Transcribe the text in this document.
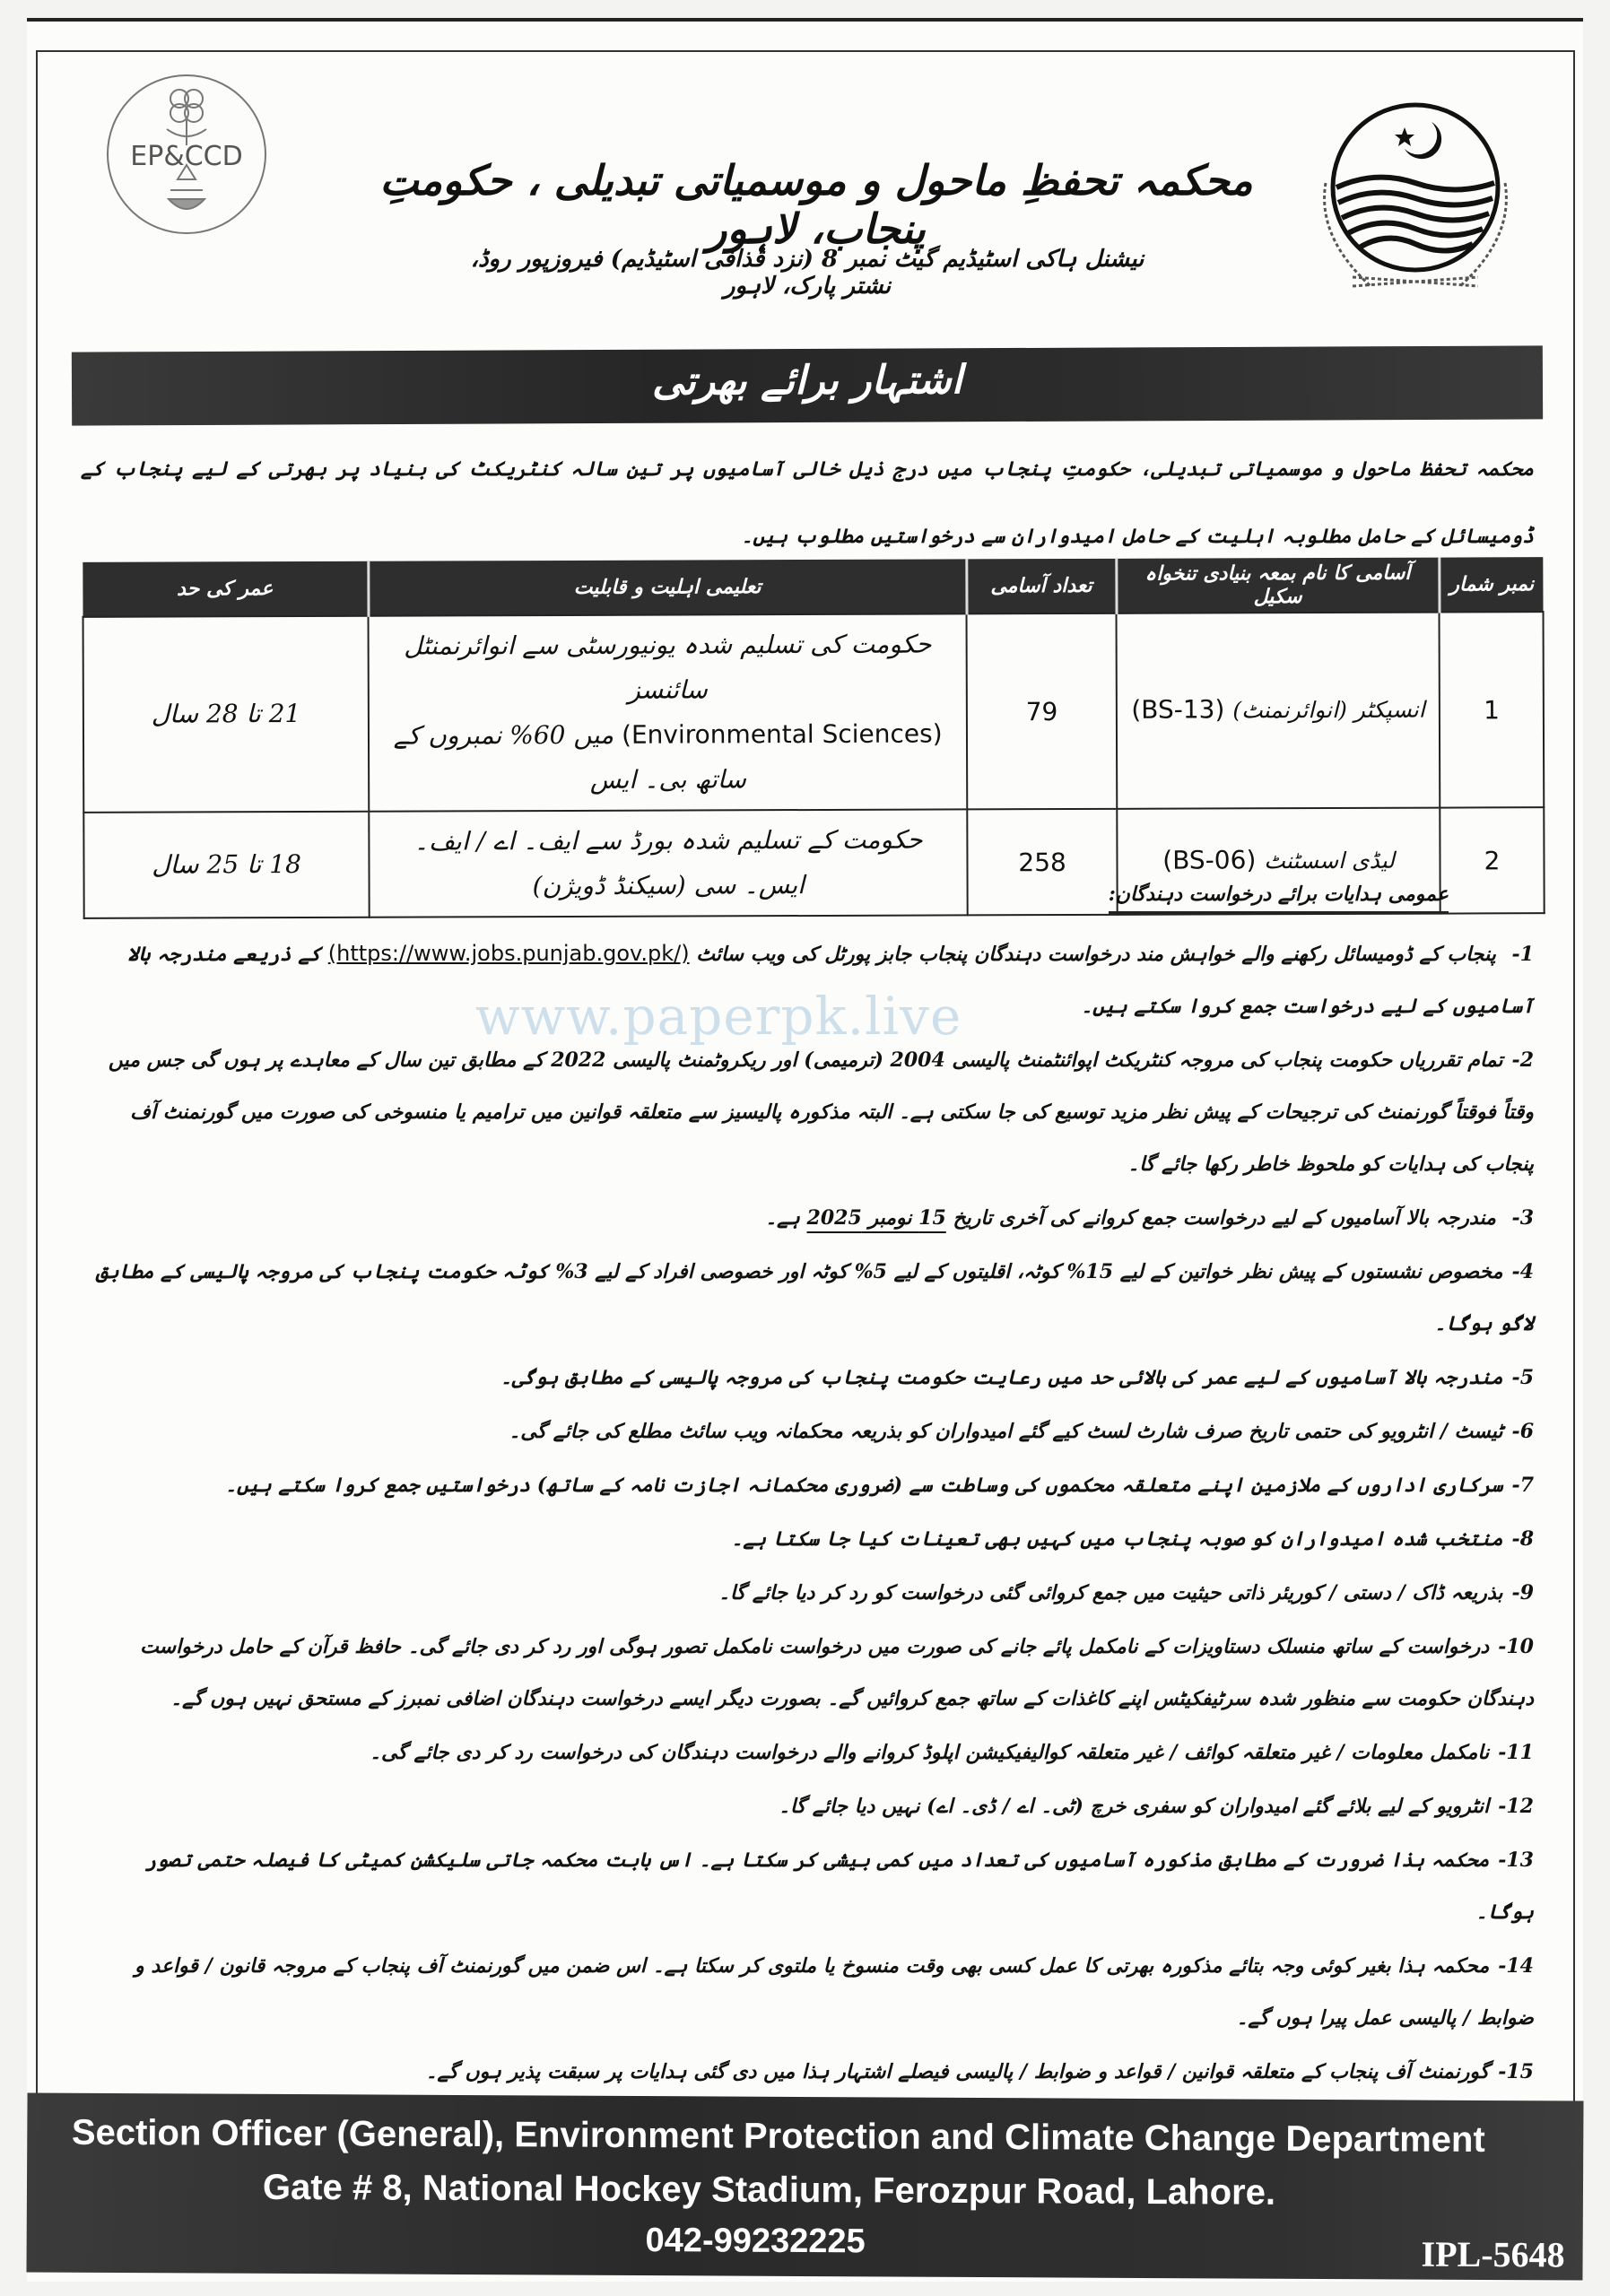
EP&CCD	محکمہ تحفظِ ماحول و موسمیاتی تبدیلی ، حکومتِ پنجاب، لاہور
نیشنل ہاکی اسٹیڈیم گیٹ نمبر 8 (نزد قذافی اسٹیڈیم) فیروزپور روڈ، نشتر پارک، لاہور
اشتہار برائے بھرتی
محکمہ تحفظ ماحول و موسمیاتی تبدیلی، حکومتِ پنجاب میں درج ذیل خالی آسامیوں پر تین سالہ کنٹریکٹ کی بنیاد پر بھرتی کے لیے پنجاب کے ڈومیسائل کے حامل مطلوبہ اہلیت کے حامل امیدواران سے درخواستیں مطلوب ہیں۔
نمبر شمار	آسامی کا نام بمعہ بنیادی تنخواہ سکیل	تعداد آسامی	تعلیمی اہلیت و قابلیت	عمر کی حد
1	انسپکٹر (انوائرنمنٹ) (BS-13)	79	حکومت کی تسلیم شدہ یونیورسٹی سے انوائرنمنٹل سائنسز
(Environmental Sciences) میں 60% نمبروں کے ساتھ بی۔ ایس	21 تا 28 سال
2	لیڈی اسسٹنٹ (BS-06)	258	حکومت کے تسلیم شدہ بورڈ سے ایف۔ اے / ایف۔ ایس۔ سی (سیکنڈ ڈویژن)	18 تا 25 سال
عمومی ہدایات برائے درخواست دہندگان:
1- پنجاب کے ڈومیسائل رکھنے والے خواہش مند درخواست دہندگان پنجاب جابز پورٹل کی ویب سائٹ (https://www.jobs.punjab.gov.pk/) کے ذریعے مندرجہ بالا آسامیوں کے لیے درخواست جمع کروا سکتے ہیں۔
2-تمام تقرریاں حکومت پنجاب کی مروجہ کنٹریکٹ اپوائنٹمنٹ پالیسی 2004 (ترمیمی) اور ریکروٹمنٹ پالیسی 2022 کے مطابق تین سال کے معاہدے پر ہوں گی جس میں وقتاً فوقتاً گورنمنٹ کی ترجیحات کے پیش نظر مزید توسیع کی جا سکتی ہے۔ البتہ مذکورہ پالیسیز سے متعلقہ قوانین میں ترامیم یا منسوخی کی صورت میں گورنمنٹ آف پنجاب کی ہدایات کو ملحوظ خاطر رکھا جائے گا۔
3- مندرجہ بالا آسامیوں کے لیے درخواست جمع کروانے کی آخری تاریخ 15 نومبر 2025 ہے۔
4-مخصوص نشستوں کے پیش نظر خواتین کے لیے 15% کوٹہ، اقلیتوں کے لیے 5% کوٹہ اور خصوصی افراد کے لیے 3% کوٹہ حکومت پنجاب کی مروجہ پالیسی کے مطابق لاگو ہوگا۔
5-مندرجہ بالا آسامیوں کے لیے عمر کی بالائی حد میں رعایت حکومت پنجاب کی مروجہ پالیسی کے مطابق ہوگی۔
6-ٹیسٹ / انٹرویو کی حتمی تاریخ صرف شارٹ لسٹ کیے گئے امیدواران کو بذریعہ محکمانہ ویب سائٹ مطلع کی جائے گی۔
7-سرکاری اداروں کے ملازمین اپنے متعلقہ محکموں کی وساطت سے (ضروری محکمانہ اجازت نامہ کے ساتھ) درخواستیں جمع کروا سکتے ہیں۔
8-منتخب شدہ امیدواران کو صوبہ پنجاب میں کہیں بھی تعینات کیا جا سکتا ہے۔
9-بذریعہ ڈاک / دستی / کوریئر ذاتی حیثیت میں جمع کروائی گئی درخواست کو رد کر دیا جائے گا۔
10-درخواست کے ساتھ منسلک دستاویزات کے نامکمل پائے جانے کی صورت میں درخواست نامکمل تصور ہوگی اور رد کر دی جائے گی۔ حافظ قرآن کے حامل درخواست دہندگان حکومت سے منظور شدہ سرٹیفکیٹس اپنے کاغذات کے ساتھ جمع کروائیں گے۔ بصورت دیگر ایسے درخواست دہندگان اضافی نمبرز کے مستحق نہیں ہوں گے۔
11-نامکمل معلومات / غیر متعلقہ کوائف / غیر متعلقہ کوالیفیکیشن اپلوڈ کروانے والے درخواست دہندگان کی درخواست رد کر دی جائے گی۔
12-انٹرویو کے لیے بلائے گئے امیدواران کو سفری خرچ (ٹی۔ اے / ڈی۔ اے) نہیں دیا جائے گا۔
13-محکمہ ہذا ضرورت کے مطابق مذکورہ آسامیوں کی تعداد میں کمی بیشی کر سکتا ہے۔ اس بابت محکمہ جاتی سلیکشن کمیٹی کا فیصلہ حتمی تصور ہوگا۔
14-محکمہ ہذا بغیر کوئی وجہ بتائے مذکورہ بھرتی کا عمل کسی بھی وقت منسوخ یا ملتوی کر سکتا ہے۔ اس ضمن میں گورنمنٹ آف پنجاب کے مروجہ قانون / قواعد و ضوابط / پالیسی عمل پیرا ہوں گے۔
15-گورنمنٹ آف پنجاب کے متعلقہ قوانین / قواعد و ضوابط / پالیسی فیصلے اشتہار ہذا میں دی گئی ہدایات پر سبقت پذیر ہوں گے۔
www.paperpk.live
Section Officer (General), Environment Protection and Climate Change Department
Gate # 8, National Hockey Stadium, Ferozpur Road, Lahore.
042-99232225	IPL-5648
